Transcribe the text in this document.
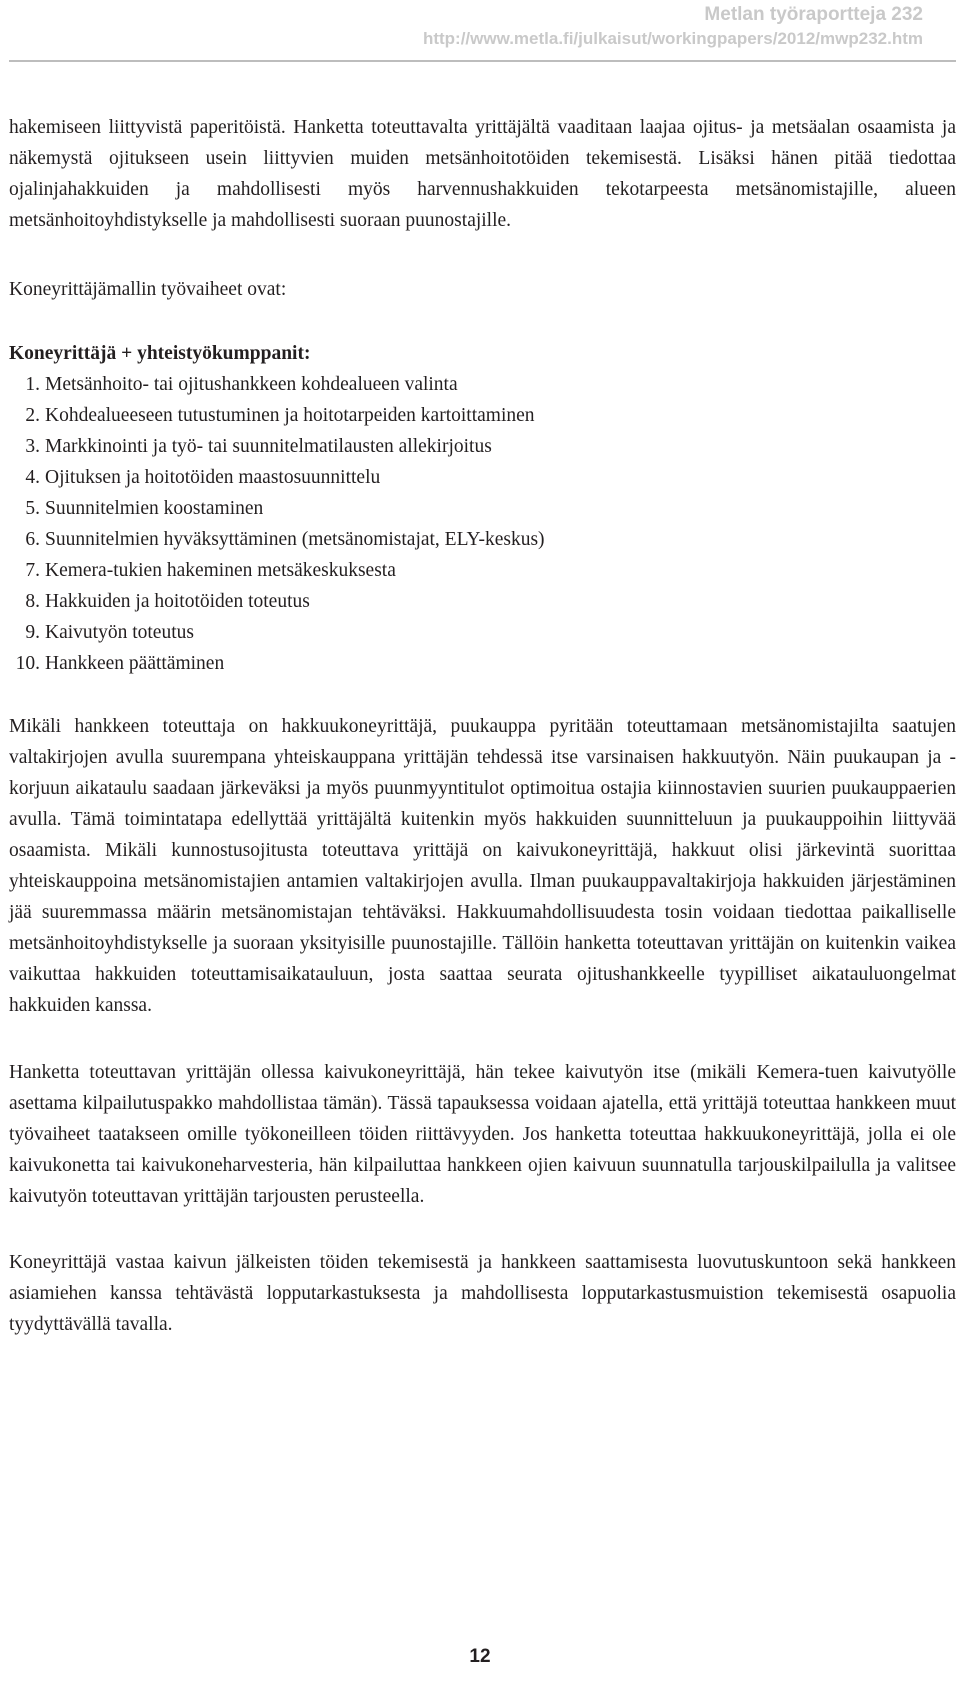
Metlan työraportteja 232
http://www.metla.fi/julkaisut/workingpapers/2012/mwp232.htm

hakemiseen liittyvistä paperitöistä. Hanketta toteuttavalta yrittäjältä vaaditaan laajaa ojitus- ja metsäalan osaamista ja näkemystä ojitukseen usein liittyvien muiden metsänhoitotöiden tekemisestä. Lisäksi hänen pitää tiedottaa ojalinjahakkuiden ja mahdollisesti myös harvennushakkuiden tekotarpeesta metsänomistajille, alueen metsänhoitoyhdistykselle ja mahdollisesti suoraan puunostajille.

Koneyrittäjämallin työvaiheet ovat:

Koneyrittäjä + yhteistyökumppanit:

1. Metsänhoito- tai ojitushankkeen kohdealueen valinta
2. Kohdealueeseen tutustuminen ja hoitotarpeiden kartoittaminen
3. Markkinointi ja työ- tai suunnitelmatilausten allekirjoitus
4. Ojituksen ja hoitotöiden maastosuunnittelu
5. Suunnitelmien koostaminen
6. Suunnitelmien hyväksyttäminen (metsänomistajat, ELY-keskus)
7. Kemera-tukien hakeminen metsäkeskuksesta
8. Hakkuiden ja hoitotöiden toteutus
9. Kaivutyön toteutus
10. Hankkeen päättäminen

Mikäli hankkeen toteuttaja on hakkuukoneyrittäjä, puukauppa pyritään toteuttamaan metsänomistajilta saatujen valtakirjojen avulla suurempana yhteiskauppana yrittäjän tehdessä itse varsinaisen hakkuutyön. Näin puukaupan ja -korjuun aikataulu saadaan järkeväksi ja myös puunmyyntitulot optimoitua ostajia kiinnostavien suurien puukauppaerien avulla. Tämä toimintatapa edellyttää yrittäjältä kuitenkin myös hakkuiden suunnitteluun ja puukauppoihin liittyvää osaamista. Mikäli kunnostusojitusta toteuttava yrittäjä on kaivukoneyrittäjä, hakkuut olisi järkevintä suorittaa yhteiskauppoina metsänomistajien antamien valtakirjojen avulla. Ilman puukauppavaltakirjoja hakkuiden järjestäminen jää suuremmassa määrin metsänomistajan tehtäväksi. Hakkuumahdollisuudesta tosin voidaan tiedottaa paikalliselle metsänhoitoyhdistykselle ja suoraan yksityisille puunostajille. Tällöin hanketta toteuttavan yrittäjän on kuitenkin vaikea vaikuttaa hakkuiden toteuttamisaikatauluun, josta saattaa seurata ojitushankkeelle tyypilliset aikatauluongelmat hakkuiden kanssa.

Hanketta toteuttavan yrittäjän ollessa kaivukoneyrittäjä, hän tekee kaivutyön itse (mikäli Kemera-tuen kaivutyölle asettama kilpailutuspakko mahdollistaa tämän). Tässä tapauksessa voidaan ajatella, että yrittäjä toteuttaa hankkeen muut työvaiheet taatakseen omille työkoneilleen töiden riittävyyden. Jos hanketta toteuttaa hakkuukoneyrittäjä, jolla ei ole kaivukonetta tai kaivukoneharvesteria, hän kilpailuttaa hankkeen ojien kaivuun suunnatulla tarjouskilpailulla ja valitsee kaivutyön toteuttavan yrittäjän tarjousten perusteella.

Koneyrittäjä vastaa kaivun jälkeisten töiden tekemisestä ja hankkeen saattamisesta luovutuskuntoon sekä hankkeen asiamiehen kanssa tehtävästä lopputarkastuksesta ja mahdollisesta lopputarkastusmuistion tekemisestä osapuolia tyydyttävällä tavalla.

12
